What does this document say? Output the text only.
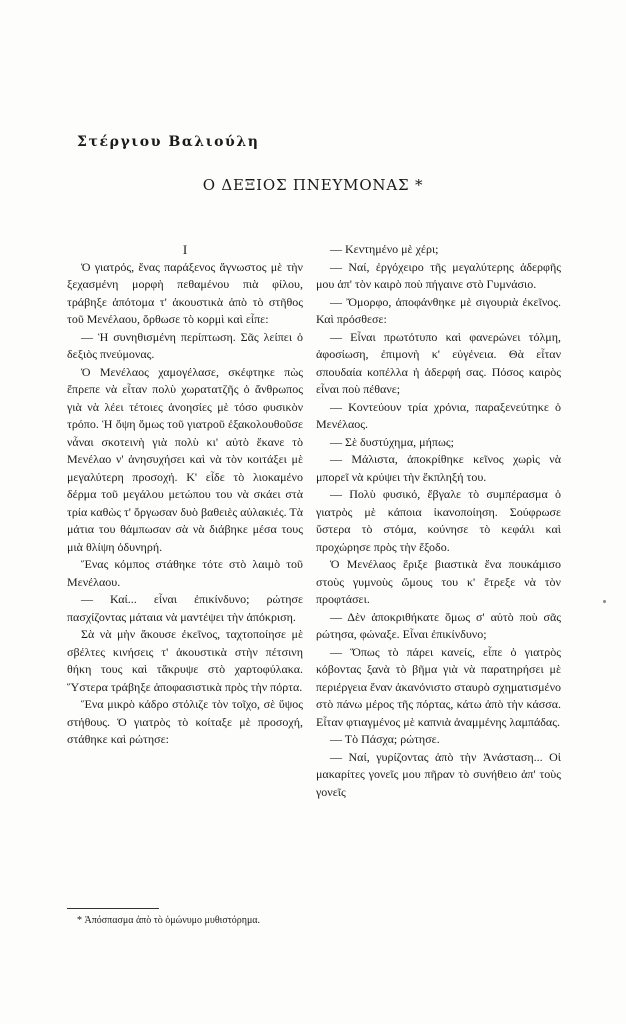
Στέργιου Βαλιούλη
Ο ΔΕΞΙΟΣ ΠΝΕΥΜΟΝΑΣ *

Ι

Ὁ γιατρός, ἕνας παράξενος ἄγνωστος μὲ τὴν ξεχασμένη μορφὴ πεθαμένου πιὰ φίλου, τράβηξε ἀπότομα τ' ἀκουστικὰ ἀπὸ τὸ στῆθος τοῦ Μενέλαου, ὄρθωσε τὸ κορμὶ καὶ εἶπε:

— Ἡ συνηθισμένη περίπτωση. Σᾶς λείπει ὁ δεξιὸς πνεύμονας.

Ὁ Μενέλαος χαμογέλασε, σκέφτηκε πὼς ἔπρεπε νὰ εἶταν πολὺ χωρατατζῆς ὁ ἄνθρωπος γιὰ νὰ λέει τέτοιες ἀνοησίες μὲ τόσο φυσικὸν τρόπο. Ἡ ὄψη ὅμως τοῦ γιατροῦ ἐξακολουθοῦσε νἆναι σκοτεινὴ γιὰ πολὺ κι' αὐτὸ ἔκανε τὸ Μενέλαο ν' ἀνησυχήσει καὶ νὰ τὸν κοιτάξει μὲ μεγαλύτερη προσοχή. Κ' εἶδε τὸ λιοκαμένο δέρμα τοῦ μεγάλου μετώπου του νὰ σκάει στὰ τρία καθὼς τ' ὄργωσαν δυὸ βαθειὲς αὐλακιές. Τὰ μάτια του θάμπωσαν σὰ νὰ διάβηκε μέσα τους μιὰ θλίψη ὀδυνηρή.

Ἕνας κόμπος στάθηκε τότε στὸ λαιμὸ τοῦ Μενέλαου.

— Καί... εἶναι ἐπικίνδυνο; ρώτησε πασχίζοντας μάταια νὰ μαντέψει τὴν ἀπόκριση.

Σὰ νὰ μὴν ἄκουσε ἐκεῖνος, ταχτοποίησε μὲ σβέλτες κινήσεις τ' ἀκουστικὰ στὴν πέτσινη θήκη τους καὶ τἄκρυψε στὸ χαρτοφύλακα. Ὕστερα τράβηξε ἀποφασιστικὰ πρὸς τὴν πόρτα.

Ἕνα μικρὸ κάδρο στόλιζε τὸν τοῖχο, σὲ ὕψος στήθους. Ὁ γιατρὸς τὸ κοίταξε μὲ προσοχή, στάθηκε καὶ ρώτησε:

— Κεντημένο μὲ χέρι;

— Ναί, ἐργόχειρο τῆς μεγαλύτερης ἀδερφῆς μου ἀπ' τὸν καιρὸ ποὺ πήγαινε στὸ Γυμνάσιο.

— Ὄμορφο, ἀποφάνθηκε μὲ σιγουριὰ ἐκεῖνος. Καὶ πρόσθεσε:

— Εἶναι πρωτότυπο καὶ φανερώνει τόλμη, ἀφοσίωση, ἐπιμονὴ κ' εὐγένεια. Θὰ εἶταν σπουδαία κοπέλλα ἡ ἀδερφή σας. Πόσος καιρὸς εἶναι ποὺ πέθανε;

— Κοντεύουν τρία χρόνια, παραξενεύτηκε ὁ Μενέλαος.

— Σὲ δυστύχημα, μήπως;

— Μάλιστα, ἀποκρίθηκε κεῖνος χωρὶς νὰ μπορεῖ νὰ κρύψει τὴν ἔκπληξή του.

— Πολὺ φυσικό, ἔβγαλε τὸ συμπέρασμα ὁ γιατρὸς μὲ κάποια ἱκανοποίηση. Σούφρωσε ὕστερα τὸ στόμα, κούνησε τὸ κεφάλι καὶ προχώρησε πρὸς τὴν ἔξοδο.

Ὁ Μενέλαος ἔριξε βιαστικὰ ἕνα πουκάμισο στοὺς γυμνοὺς ὤμους του κ' ἔτρεξε νὰ τὸν προφτάσει.

— Δὲν ἀποκριθήκατε ὅμως σ' αὐτὸ ποὺ σᾶς ρώτησα, φώναξε. Εἶναι ἐπικίνδυνο;

— Ὅπως τὸ πάρει κανείς, εἶπε ὁ γιατρὸς κόβοντας ξανὰ τὸ βῆμα γιὰ νὰ παρατηρήσει μὲ περιέργεια ἕναν ἀκανόνιστο σταυρὸ σχηματισμένο στὸ πάνω μέρος τῆς πόρτας, κάτω ἀπὸ τὴν κάσσα. Εἶταν φτιαγμένος μὲ καπνιὰ ἀναμμένης λαμπάδας.

— Τὸ Πάσχα; ρώτησε.

— Ναί, γυρίζοντας ἀπὸ τὴν Ἀνάσταση... Οἱ μακαρίτες γονεῖς μου πῆραν τὸ συνήθειο ἀπ' τοὺς γονεῖς

* Ἀπόσπασμα ἀπὸ τὸ ὁμώνυμο μυθιστόρημα.
